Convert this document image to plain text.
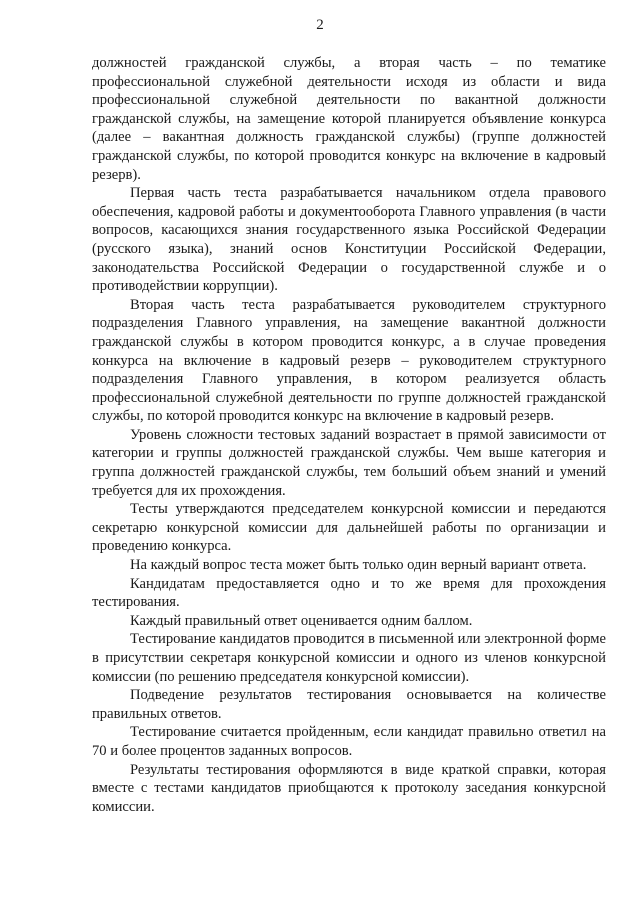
2

должностей гражданской службы, а вторая часть – по тематике профессиональной служебной деятельности исходя из области и вида профессиональной служебной деятельности по вакантной должности гражданской службы, на замещение которой планируется объявление конкурса (далее – вакантная должность гражданской службы) (группе должностей гражданской службы, по которой проводится конкурс на включение в кадровый резерв).

Первая часть теста разрабатывается начальником отдела правового обеспечения, кадровой работы и документооборота Главного управления (в части вопросов, касающихся знания государственного языка Российской Федерации (русского языка), знаний основ Конституции Российской Федерации, законодательства Российской Федерации о государственной службе и о противодействии коррупции).

Вторая часть теста разрабатывается руководителем структурного подразделения Главного управления, на замещение вакантной должности гражданской службы в котором проводится конкурс, а в случае проведения конкурса на включение в кадровый резерв – руководителем структурного подразделения Главного управления, в котором реализуется область профессиональной служебной деятельности по группе должностей гражданской службы, по которой проводится конкурс на включение в кадровый резерв.

Уровень сложности тестовых заданий возрастает в прямой зависимости от категории и группы должностей гражданской службы. Чем выше категория и группа должностей гражданской службы, тем больший объем знаний и умений требуется для их прохождения.

Тесты утверждаются председателем конкурсной комиссии и передаются секретарю конкурсной комиссии для дальнейшей работы по организации и проведению конкурса.

На каждый вопрос теста может быть только один верный вариант ответа.

Кандидатам предоставляется одно и то же время для прохождения тестирования.

Каждый правильный ответ оценивается одним баллом.

Тестирование кандидатов проводится в письменной или электронной форме в присутствии секретаря конкурсной комиссии и одного из членов конкурсной комиссии (по решению председателя конкурсной комиссии).

Подведение результатов тестирования основывается на количестве правильных ответов.

Тестирование считается пройденным, если кандидат правильно ответил на 70 и более процентов заданных вопросов.

Результаты тестирования оформляются в виде краткой справки, которая вместе с тестами кандидатов приобщаются к протоколу заседания конкурсной комиссии.
